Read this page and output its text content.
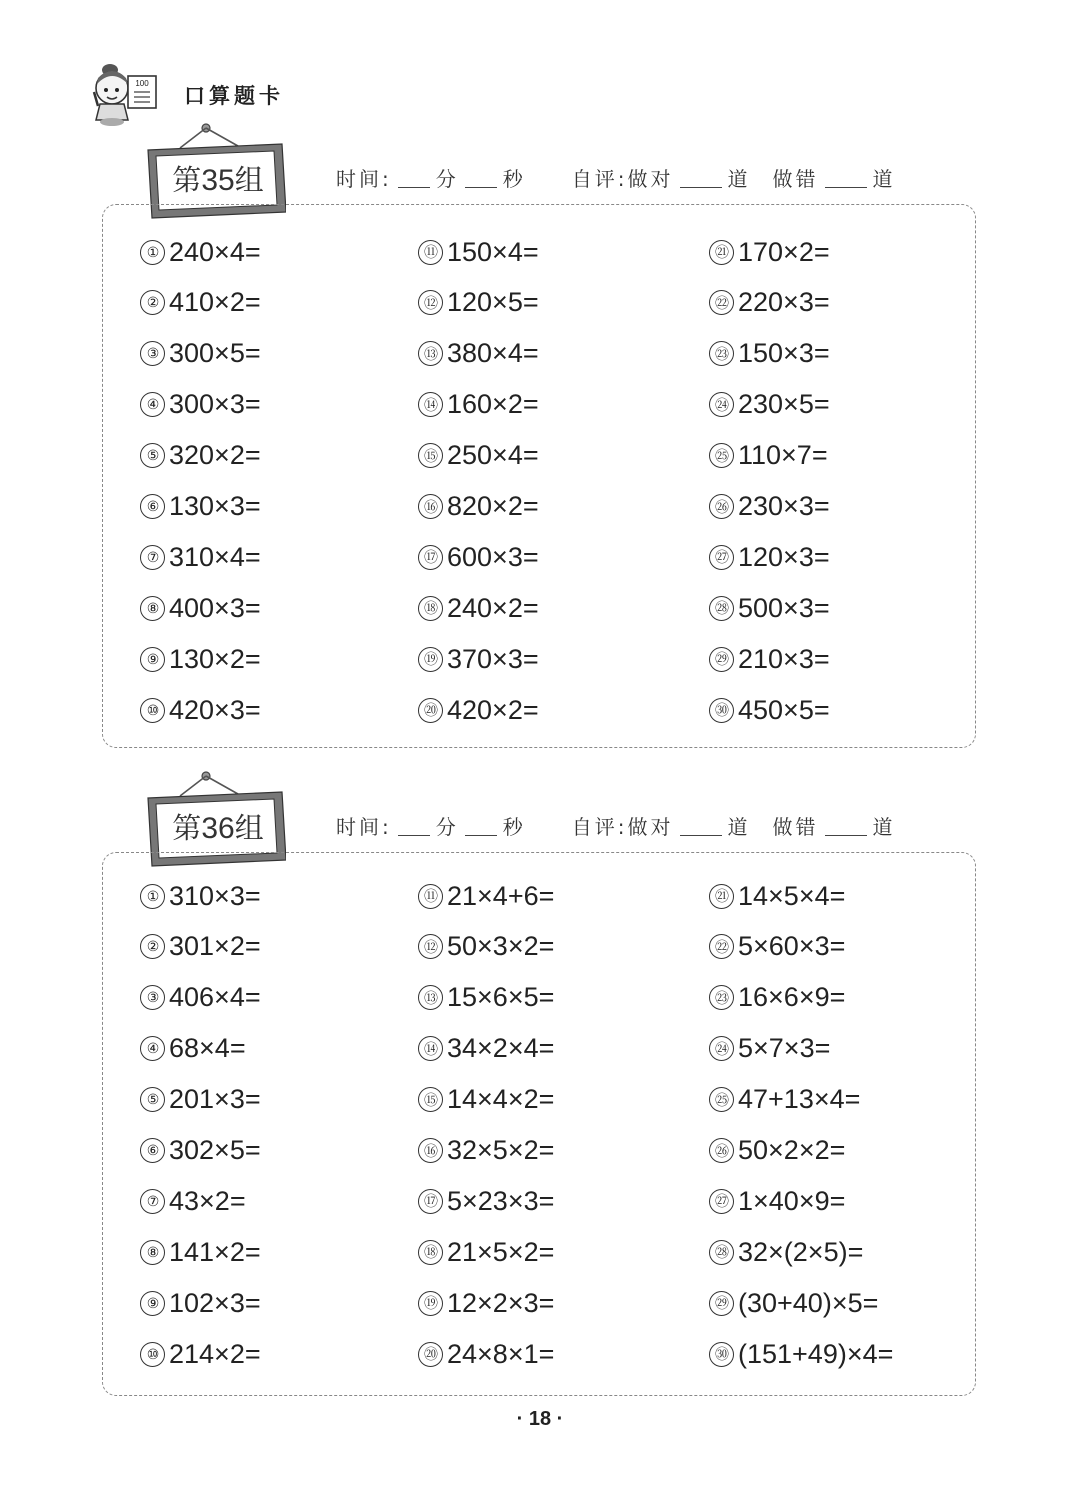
100
口算题卡
第35组	时间: 分 秒 自评:做对	道 做错	道
① 240×4=
② 410×2=
③ 300×5=
④ 300×3=
⑤ 320×2=
⑥ 130×3=
⑦ 310×4=
⑧ 400×3=
⑨ 130×2=
⑩ 420×3=
⑪ 150×4=
⑫ 120×5=
⑬ 380×4=
⑭ 160×2=
⑮ 250×4=
⑯ 820×2=
⑰ 600×3=
⑱ 240×2=
⑲ 370×3=
⑳ 420×2=
㉑ 170×2=
㉒ 220×3=
㉓ 150×3=
㉔ 230×5=
㉕ 110×7=
㉖ 230×3=
㉗ 120×3=
㉘ 500×3=
㉙ 210×3=
㉚ 450×5=
第36组	时间: 分 秒 自评:做对	道 做错	道
① 310×3=
② 301×2=
③ 406×4=
④ 68×4=
⑤ 201×3=
⑥ 302×5=
⑦ 43×2=
⑧ 141×2=
⑨ 102×3=
⑩ 214×2=
⑪ 21×4+6=
⑫ 50×3×2=
⑬ 15×6×5=
⑭ 34×2×4=
⑮ 14×4×2=
⑯ 32×5×2=
⑰ 5×23×3=
⑱ 21×5×2=
⑲ 12×2×3=
⑳ 24×8×1=
㉑ 14×5×4=
㉒ 5×60×3=
㉓ 16×6×9=
㉔ 5×7×3=
㉕ 47+13×4=
㉖ 50×2×2=
㉗ 1×40×9=
㉘ 32×(2×5)=
㉙ (30+40)×5=
㉚ (151+49)×4=
· 18 ·
